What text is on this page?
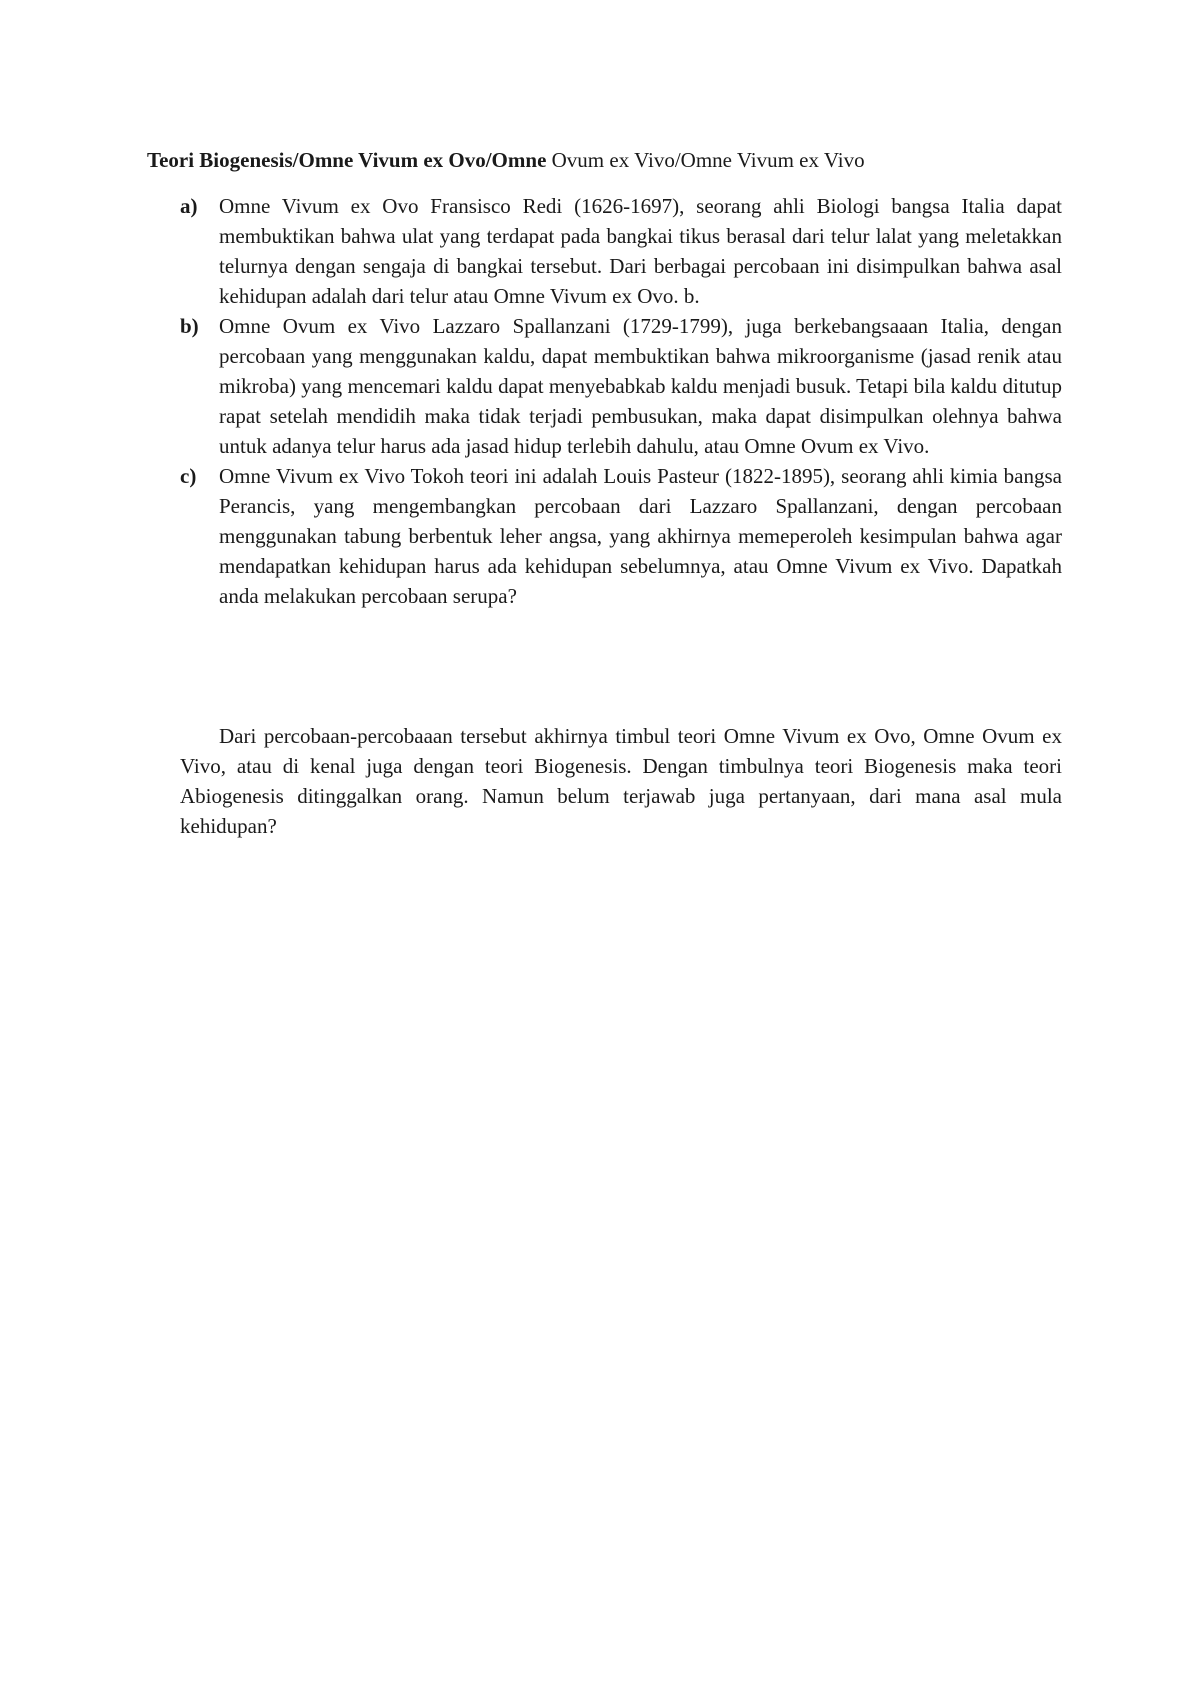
Teori Biogenesis/Omne Vivum ex Ovo/Omne Ovum ex Vivo/Omne Vivum ex Vivo

a) Omne Vivum ex Ovo Fransisco Redi (1626-1697), seorang ahli Biologi bangsa Italia dapat membuktikan bahwa ulat yang terdapat pada bangkai tikus berasal dari telur lalat yang meletakkan telurnya dengan sengaja di bangkai tersebut. Dari berbagai percobaan ini disimpulkan bahwa asal kehidupan adalah dari telur atau Omne Vivum ex Ovo. b.
b) Omne Ovum ex Vivo Lazzaro Spallanzani (1729-1799), juga berkebangsaaan Italia, dengan percobaan yang menggunakan kaldu, dapat membuktikan bahwa mikroorganisme (jasad renik atau mikroba) yang mencemari kaldu dapat menyebabkab kaldu menjadi busuk. Tetapi bila kaldu ditutup rapat setelah mendidih maka tidak terjadi pembusukan, maka dapat disimpulkan olehnya bahwa untuk adanya telur harus ada jasad hidup terlebih dahulu, atau Omne Ovum ex Vivo.
c) Omne Vivum ex Vivo Tokoh teori ini adalah Louis Pasteur (1822-1895), seorang ahli kimia bangsa Perancis, yang mengembangkan percobaan dari Lazzaro Spallanzani, dengan percobaan menggunakan tabung berbentuk leher angsa, yang akhirnya memeperoleh kesimpulan bahwa agar mendapatkan kehidupan harus ada kehidupan sebelumnya, atau Omne Vivum ex Vivo. Dapatkah anda melakukan percobaan serupa?

Dari percobaan-percobaaan tersebut akhirnya timbul teori Omne Vivum ex Ovo, Omne Ovum ex Vivo, atau di kenal juga dengan teori Biogenesis. Dengan timbulnya teori Biogenesis maka teori Abiogenesis ditinggalkan orang. Namun belum terjawab juga pertanyaan, dari mana asal mula kehidupan?
